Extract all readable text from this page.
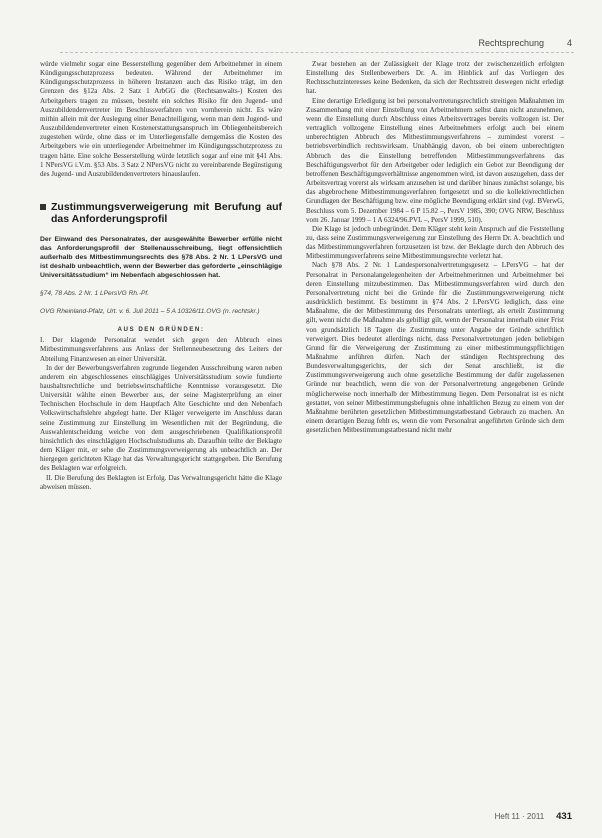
Rechtsprechung	4

würde vielmehr sogar eine Besserstellung gegenüber dem Arbeitnehmer in einem Kündigungsschutzprozess bedeuten. Während der Arbeitnehmer im Kündigungsschutzprozess in höheren Instanzen auch das Risiko trägt, im den Grenzen des §12a Abs. 2 Satz 1 ArbGG die (Rechtsanwalts-) Kosten des Arbeitgebers tragen zu müssen, besteht ein solches Risiko für den Jugend- und Auszubildendenvertreter im Beschlussverfahren von vornherein nicht. Es wäre mithin allein mit der Auslegung einer Benachteiligung, wenn man dem Jugend- und Auszubildendenvertreter einen Kostenerstattungsanspruch im Obliegenheitsbereich zugestehen würde, ohne dass er im Unterliegensfalle demgemäss die Kosten des Arbeitgebers wie ein unterliegender Arbeitnehmer im Kündigungsschutzprozess zu tragen hätte. Eine solche Besserstellung würde letztlich sogar auf eine mit §41 Abs. 1 NPersVG i.V.m. §53 Abs. 3 Satz 2 NPersVG nicht zu vereinbarende Begünstigung des Jugend- und Auszubildendenvertreters hinauslaufen.

Zustimmungsverweigerung mit Berufung auf das Anforderungsprofil
Der Einwand des Personalrates, der ausgewählte Bewerber erfülle nicht das Anforderungsprofil der Stellenausschreibung, liegt offensichtlich außerhalb des Mitbestimmungsrechts des §78 Abs. 2 Nr. 1 LPersVG und ist deshalb unbeachtlich, wenn der Bewerber das geforderte „einschlägige Universitätsstudium“ im Nebenfach abgeschlossen hat.
§74, 78 Abs. 2 Nr. 1 LPersVG Rh.-Pf.
OVG Rheinland-Pfalz, Urt. v. 6. Juli 2011 – 5 A 10326/11.OVG (n. rechtskr.)
AUS DEN GRÜNDEN:

I. Der klagende Personalrat wendet sich gegen den Abbruch eines Mitbestimmungsverfahrens aus Anlass der Stellenneubesetzung des Leiters der Abteilung Finanzwesen an einer Universität.

In der der Bewerbungsverfahren zugrunde liegenden Ausschreibung waren neben anderem ein abgeschlossenes einschlägiges Universitätsstudium sowie fundierte haushaltsrechtliche und betriebswirtschaftliche Kenntnisse vorausgesetzt. Die Universität wählte einen Bewerber aus, der seine Magisterprüfung an einer Technischen Hochschule in dem Hauptfach Alte Geschichte und den Nebenfach Volkswirtschaftslehre abgelegt hatte. Der Kläger verweigerte im Anschluss daran seine Zustimmung zur Einstellung im Wesentlichen mit der Begründung, die Auswahlentscheidung weiche von dem ausgeschriebenen Qualifikationsprofil hinsichtlich des einschlägigen Hochschulstudiums ab. Daraufhin teilte der Beklagte dem Kläger mit, er sehe die Zustimmungsverweigerung als unbeachtlich an. Der hiergegen gerichteten Klage hat das Verwaltungsgericht stattgegeben. Die Berufung des Beklagten war erfolgreich.

II. Die Berufung des Beklagten ist Erfolg. Das Verwaltungsgericht hätte die Klage abweisen müssen.

Zwar bestehen an der Zulässigkeit der Klage trotz der zwischenzeitlich erfolgten Einstellung des Stellenbewerbers Dr. A. im Hinblick auf das Vorliegen des Rechtsschutzinteresses keine Bedenken, da sich der Rechtsstreit deswegen nicht erledigt hat.

Eine derartige Erledigung ist bei personalvertretungsrechtlich streitigen Maßnahmen im Zusammenhang mit einer Einstellung von Arbeitnehmern selbst dann nicht anzunehmen, wenn die Einstellung durch Abschluss eines Arbeitsvertrages bereits vollzogen ist. Der vertraglich vollzogene Einstellung eines Arbeitnehmers erfolgt auch bei einem unberechtigten Abbruch des Mitbestimmungsverfahrens – zumindest vorerst – betriebsverbindlich rechtswirksam. Unabhängig davon, ob bei einem unberechtigten Abbruch des die Einstellung betreffenden Mitbestimmungsverfahrens das Beschäftigungsverbot für den Arbeitgeber oder lediglich ein Gebot zur Beendigung der betroffenen Beschäftigungsverhältnisse angenommen wird, ist davon auszugehen, dass der Arbeitsvertrag vorerst als wirksam anzusehen ist und darüber hinaus zunächst solange, bis das abgebrochene Mitbestimmungsverfahren fortgesetzt und so die kollektivrechtlichen Grundlagen der Beschäftigung bzw. eine mögliche Beendigung erklärt sind (vgl. BVerwG, Beschluss vom 5. Dezember 1984 – 6 P 15.82 –, PersV 1985, 390; OVG NRW, Beschluss vom 26. Januar 1999 – 1 A 6324/96.PVL –, PersV 1999, 510).

Die Klage ist jedoch unbegründet. Dem Kläger steht kein Anspruch auf die Feststellung zu, dass seine Zustimmungsverweigerung zur Einstellung des Herrn Dr. A. beachtlich und das Mitbestimmungsverfahren fortzusetzen ist bzw. der Beklagte durch den Abbruch des Mitbestimmungsverfahrens seine Mitbestimmungsrechte verletzt hat.

Nach §78 Abs. 2 Nr. 1 Landespersonalvertretungsgesetz – LPersVG – hat der Personalrat in Personalangelegenheiten der Arbeitnehmerinnen und Arbeitnehmer bei deren Einstellung mitzubestimmen. Das Mitbestimmungsverfahren wird durch den Personalvertretung nicht bei die Gründe für die Zustimmungsverweigerung nicht ausdrücklich bestimmt. Es bestimmt in §74 Abs. 2 LPersVG lediglich, dass eine Maßnahme, die der Mitbestimmung des Personalrats unterliegt, als erteilt Zustimmung gilt, wenn nicht die Maßnahme als gebilligt gilt, wenn der Personalrat innerhalb einer Frist von grundsätzlich 18 Tagen die Zustimmung unter Angabe der Gründe schriftlich verweigert. Dies bedeutet allerdings nicht, dass Personalvertretungen jeden beliebigen Grund für die Verweigerung der Zustimmung zu einer mitbestimmungspflichtigen Maßnahme anführen dürfen. Nach der ständigen Rechtsprechung des Bundesverwaltungsgerichts, der sich der Senat anschließt, ist die Zustimmungsverweigerung auch ohne gesetzliche Bestimmung der dafür zugelassenen Gründe nur beachtlich, wenn die von der Personalvertretung angegebenen Gründe möglicherweise noch innerhalb der Mitbestimmung liegen. Dem Personalrat ist es nicht gestattet, von seiner Mitbestimmungsbefugnis ohne inhaltlichen Bezug zu einem von der Maßnahme berührten gesetzlichen Mitbestimmungstatbestand Gebrauch zu machen. An einem derartigen Bezug fehlt es, wenn die vom Personalrat angeführten Gründe sich dem gesetzlichen Mitbestimmungstatbestand nicht mehr

Heft 11 · 2011 431
